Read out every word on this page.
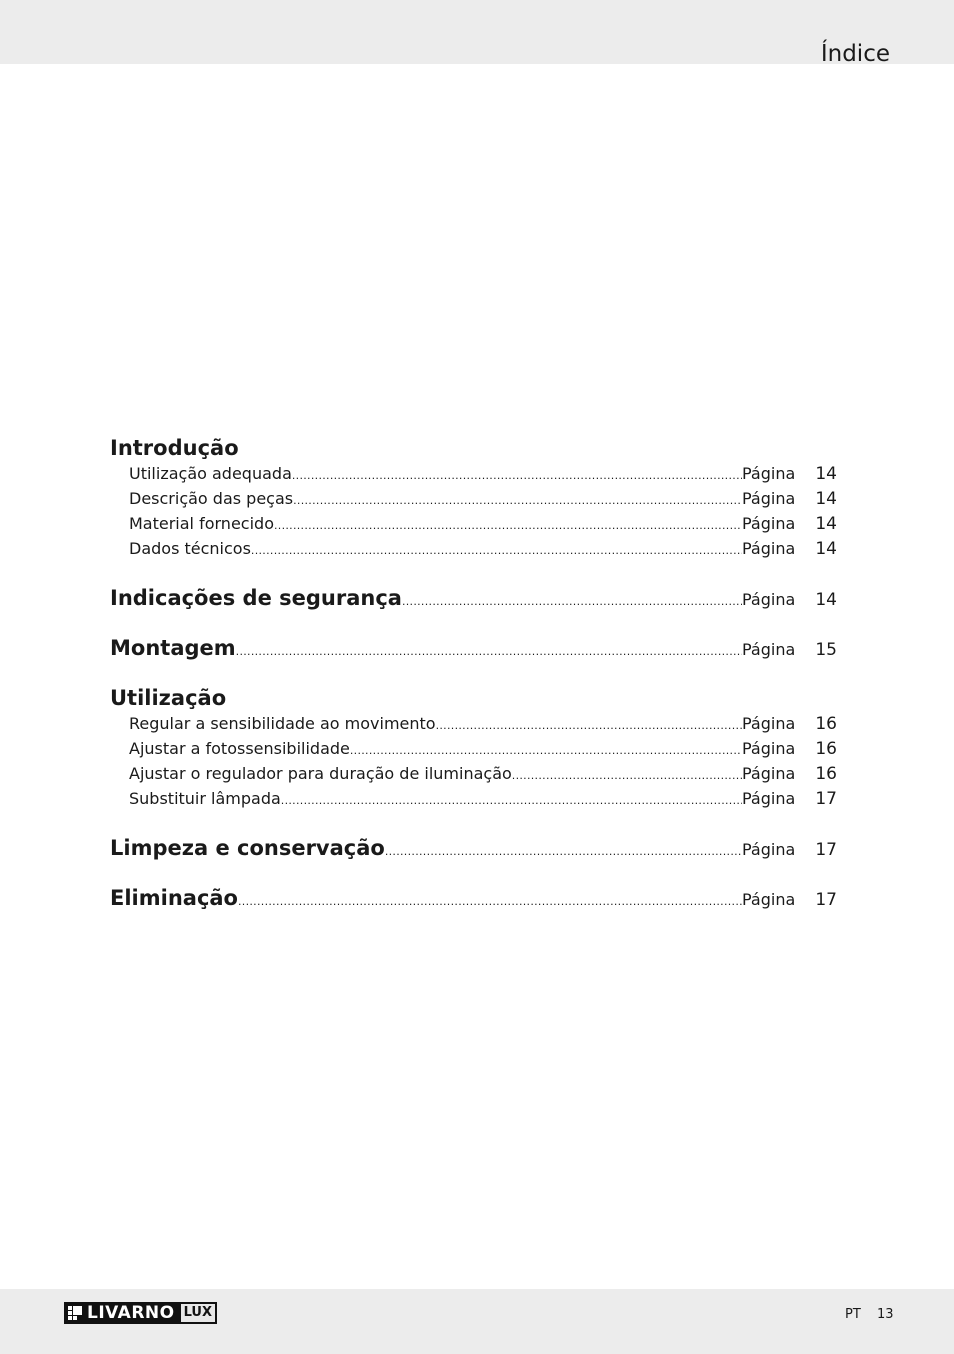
Índice
Introdução
Utilização adequada .....	Página	14
Descrição das peças .....	Página	14
Material fornecido .....	Página	14
Dados técnicos .....	Página	14
Indicações de segurança .....	Página	14
Montagem .....	Página	15
Utilização
Regular a sensibilidade ao movimento .....	Página	16
Ajustar a fotossensibilidade .....	Página	16
Ajustar o regulador para duração de iluminação .....	Página	16
Substituir lâmpada .....	Página	17
Limpeza e conservação .....	Página	17
Eliminação .....	Página	17
LIVARNO LUX	PT 13
